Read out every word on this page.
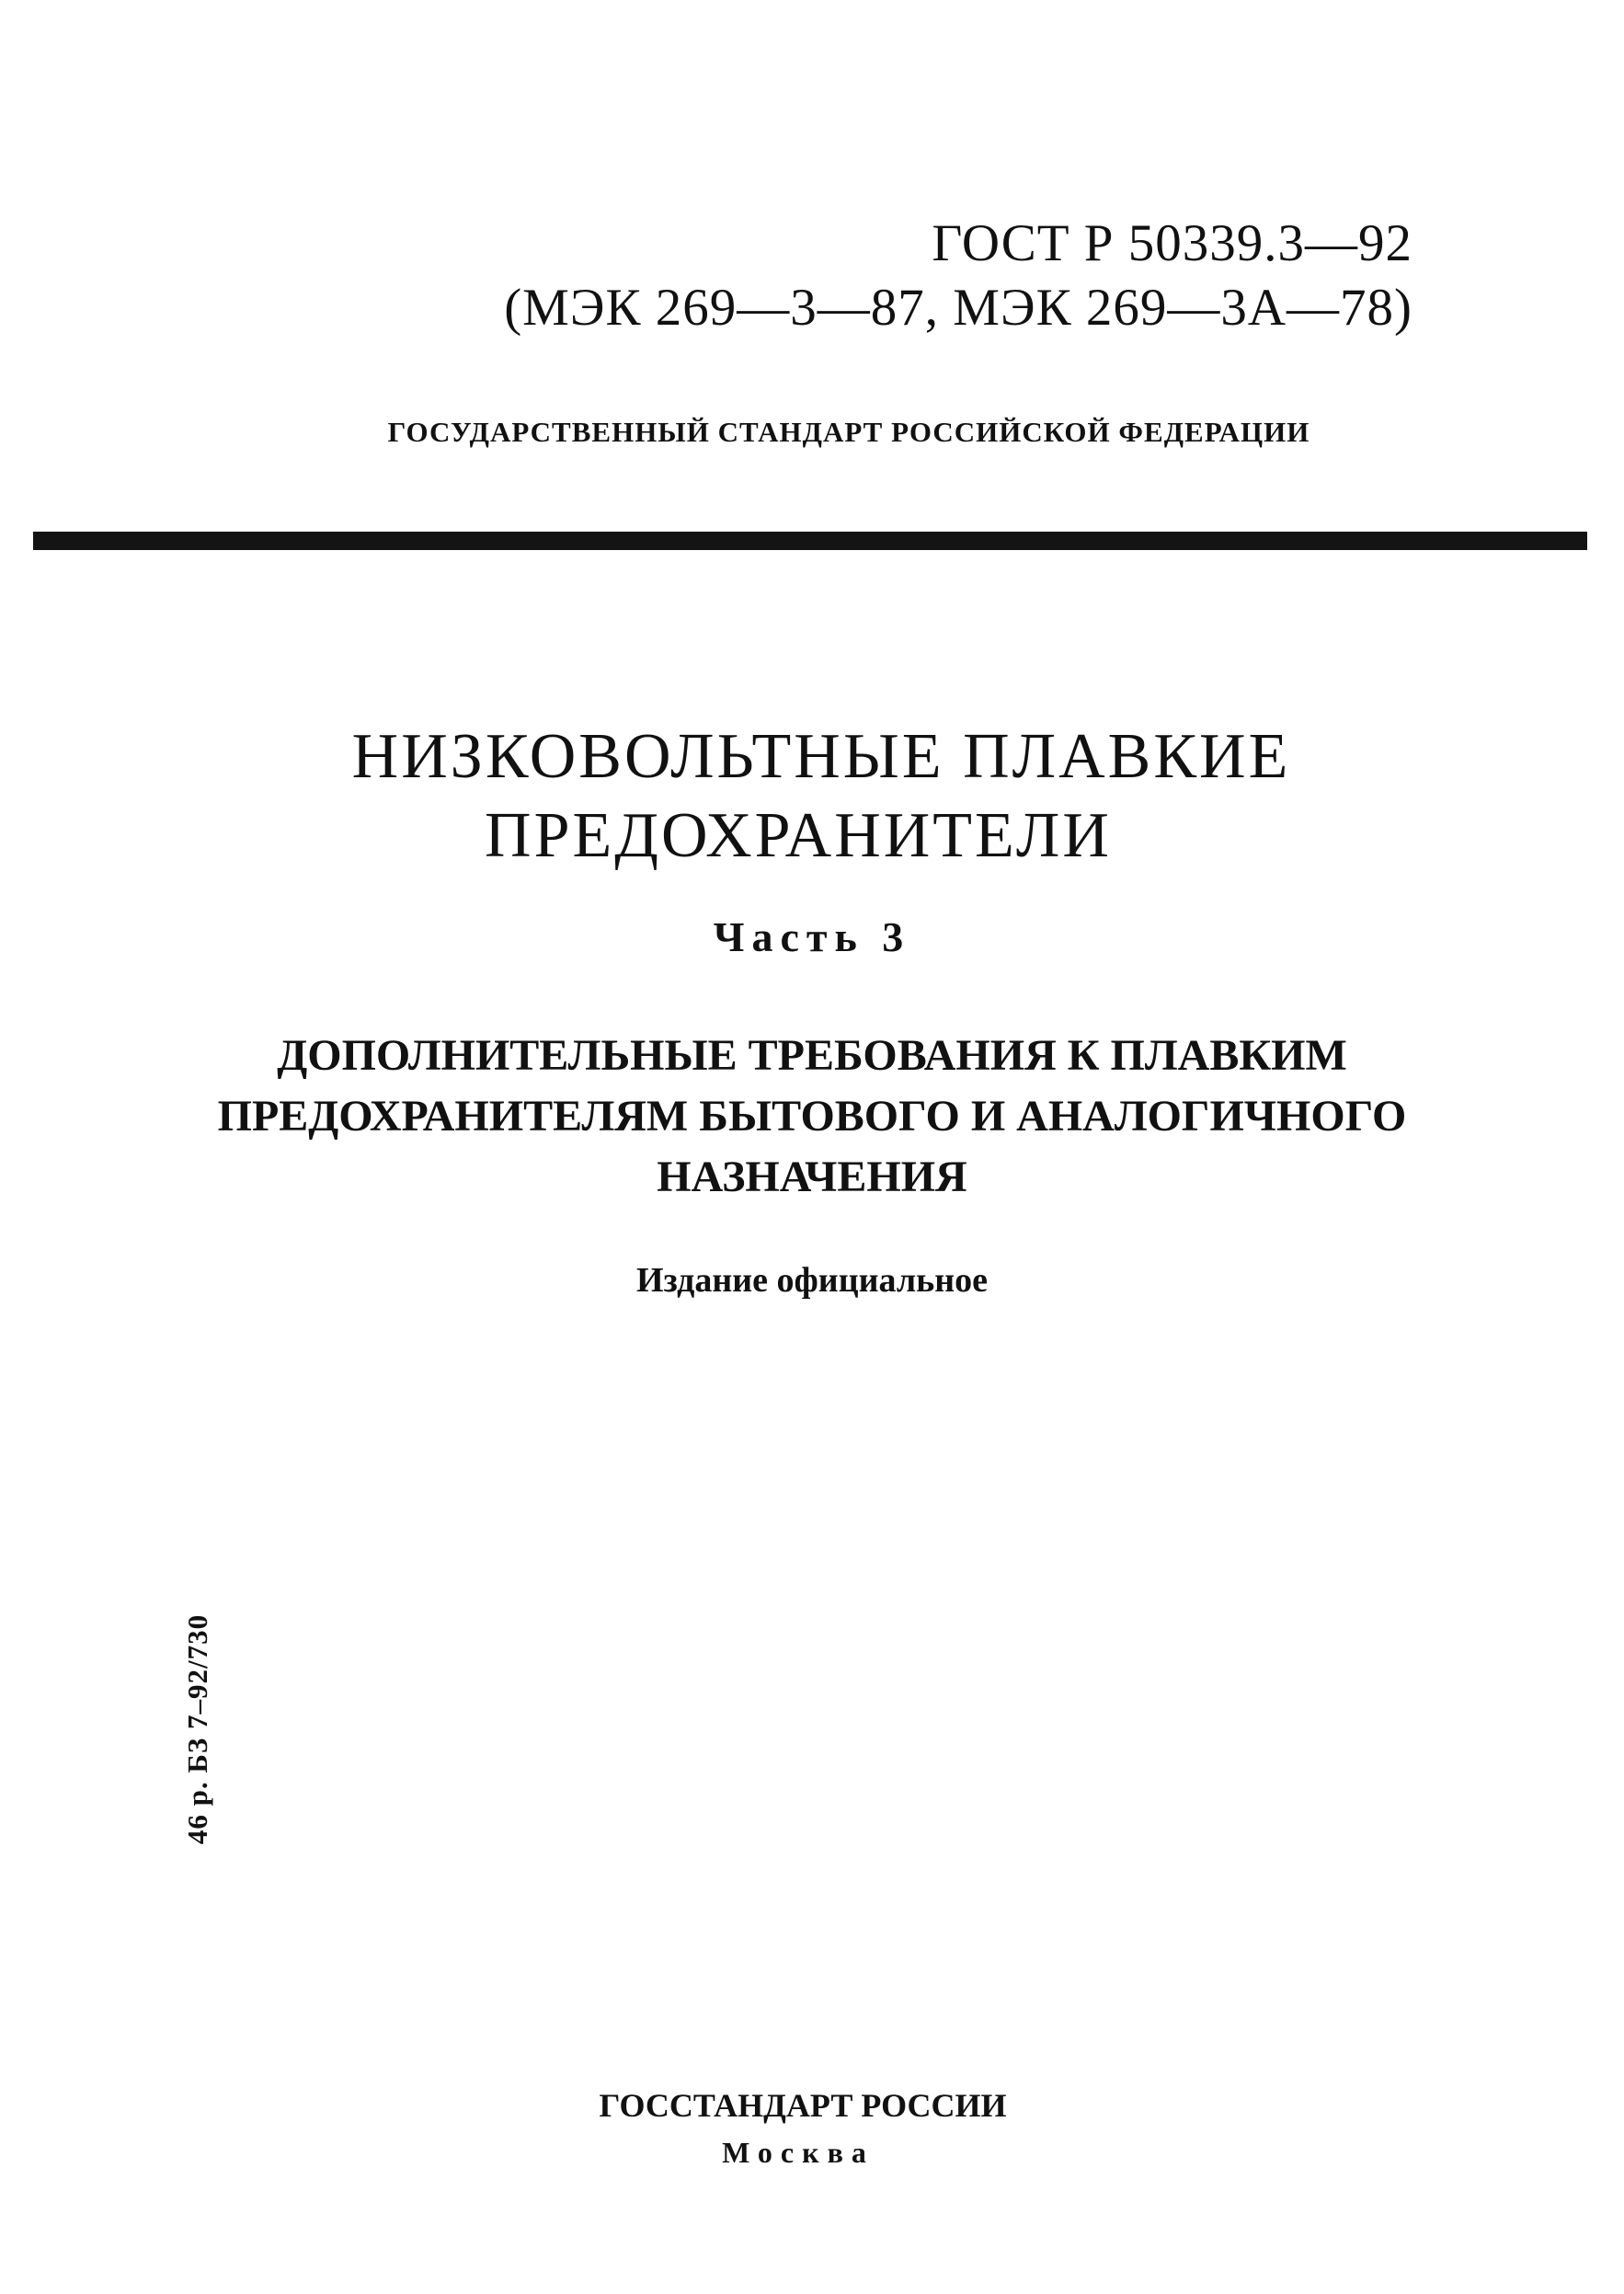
ГОСТ Р 50339.3—92
(МЭК 269—3—87, МЭК 269—3А—78)
ГОСУДАРСТВЕННЫЙ СТАНДАРТ РОССИЙСКОЙ ФЕДЕРАЦИИ
НИЗКОВОЛЬТНЫЕ ПЛАВКИЕ
ПРЕДОХРАНИТЕЛИ
Часть 3
ДОПОЛНИТЕЛЬНЫЕ ТРЕБОВАНИЯ К ПЛАВКИМ
ПРЕДОХРАНИТЕЛЯМ БЫТОВОГО И АНАЛОГИЧНОГО
НАЗНАЧЕНИЯ
Издание официальное
46 р. БЗ 7–92/730
ГОССТАНДАРТ РОССИИ
Москва
